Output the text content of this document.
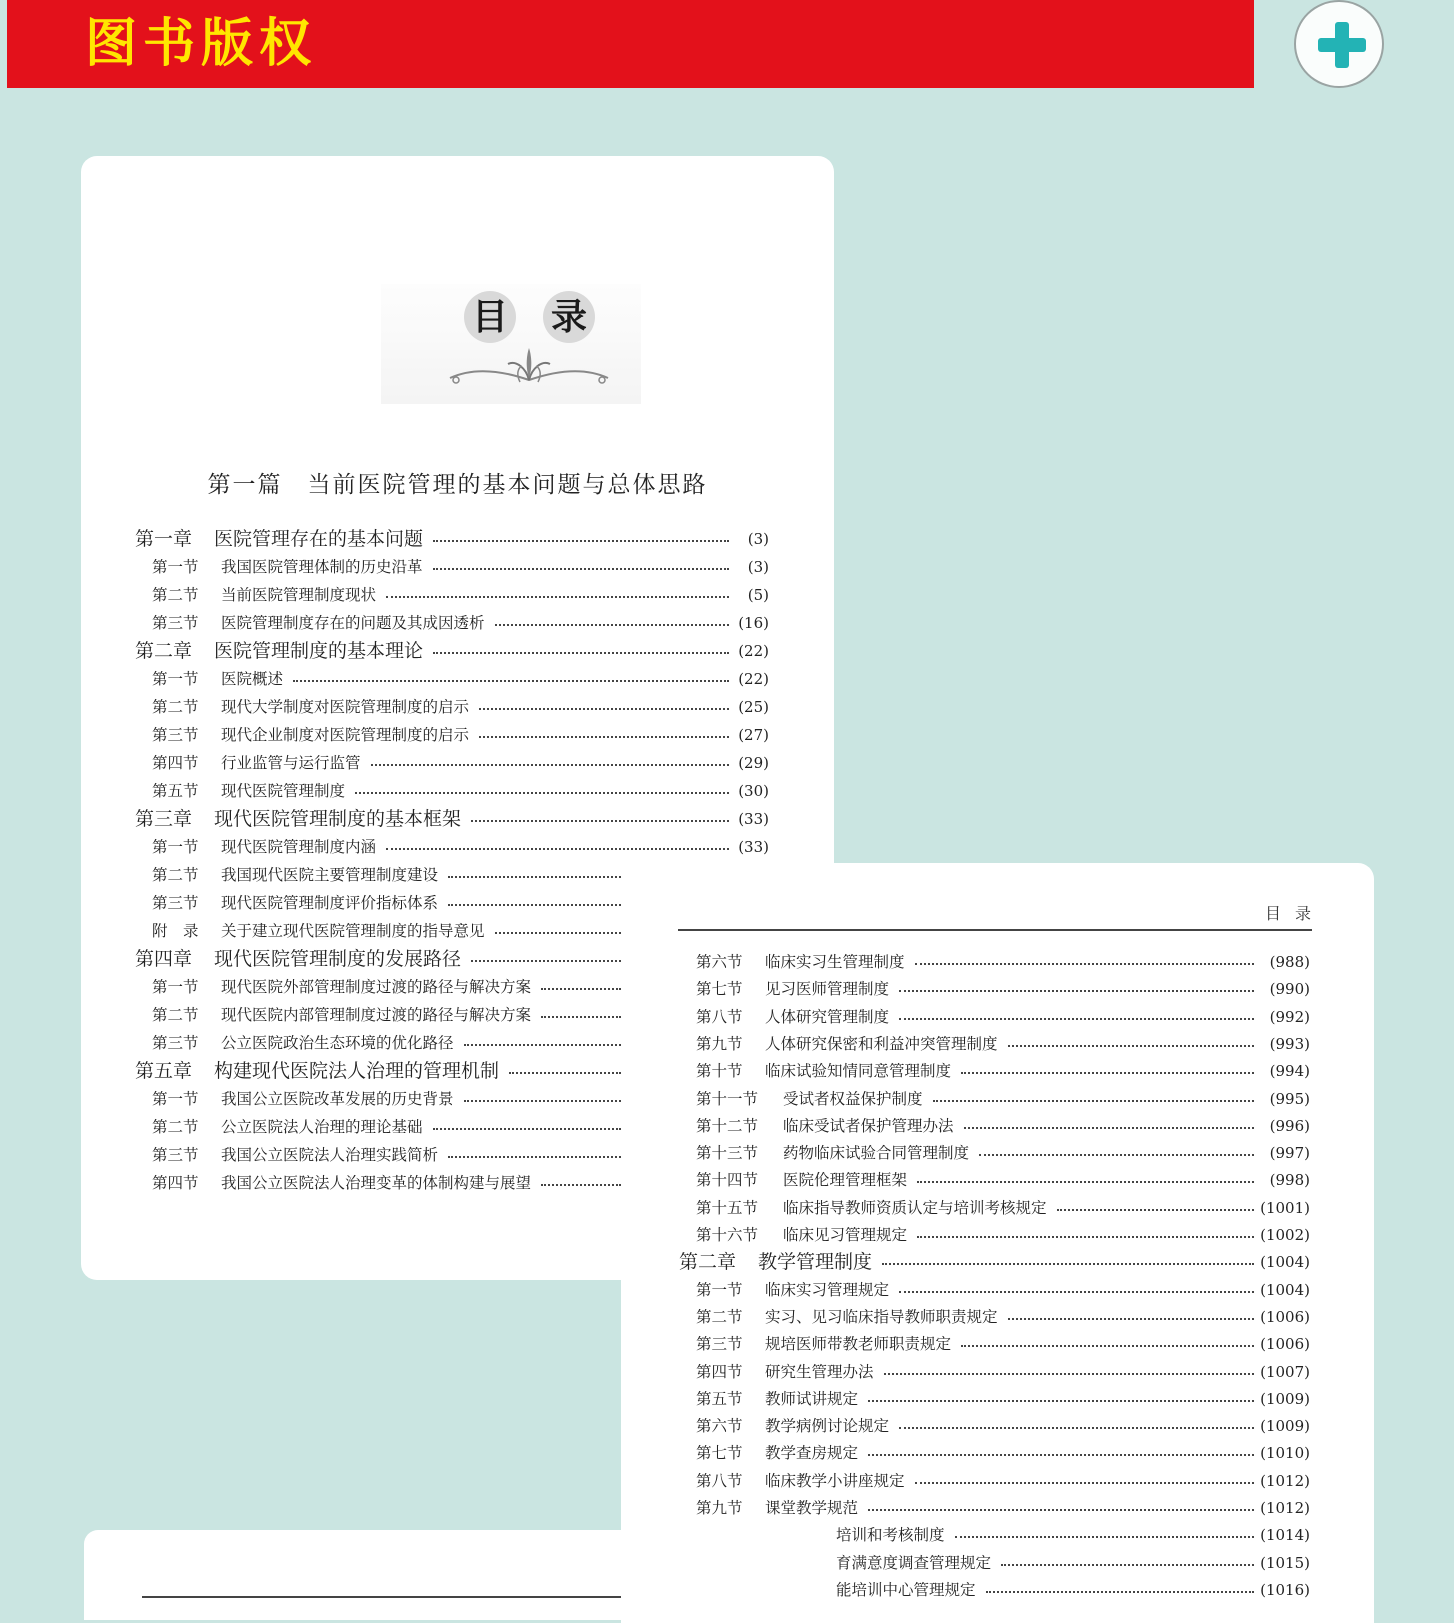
图书版权
目 录
第一篇　当前医院管理的基本问题与总体思路
第一章 医院管理存在的基本问题	(3)
第一节 我国医院管理体制的历史沿革	(3)
第二节 当前医院管理制度现状	(5)
第三节 医院管理制度存在的问题及其成因透析	(16)
第二章 医院管理制度的基本理论	(22)
第一节 医院概述	(22)
第二节 现代大学制度对医院管理制度的启示	(25)
第三节 现代企业制度对医院管理制度的启示	(27)
第四节 行业监管与运行监管	(29)
第五节 现代医院管理制度	(30)
第三章 现代医院管理制度的基本框架	(33)
第一节 现代医院管理制度内涵	(33)
第二节 我国现代医院主要管理制度建设
第三节 现代医院管理制度评价指标体系
附　录 关于建立现代医院管理制度的指导意见
第四章 现代医院管理制度的发展路径
第一节 现代医院外部管理制度过渡的路径与解决方案
第二节 现代医院内部管理制度过渡的路径与解决方案
第三节 公立医院政治生态环境的优化路径
第五章 构建现代医院法人治理的管理机制
第一节 我国公立医院改革发展的历史背景
第二节 公立医院法人治理的理论基础
第三节 我国公立医院法人治理实践简析
第四节 我国公立医院法人治理变革的体制构建与展望
目录
第六节 临床实习生管理制度	(988)
第七节 见习医师管理制度	(990)
第八节 人体研究管理制度	(992)
第九节 人体研究保密和利益冲突管理制度	(993)
第十节 临床试验知情同意管理制度	(994)
第十一节 受试者权益保护制度	(995)
第十二节 临床受试者保护管理办法	(996)
第十三节 药物临床试验合同管理制度	(997)
第十四节 医院伦理管理框架	(998)
第十五节 临床指导教师资质认定与培训考核规定	(1001)
第十六节 临床见习管理规定	(1002)
第二章 教学管理制度	(1004)
第一节 临床实习管理规定	(1004)
第二节 实习、见习临床指导教师职责规定	(1006)
第三节 规培医师带教老师职责规定	(1006)
第四节 研究生管理办法	(1007)
第五节 教师试讲规定	(1009)
第六节 教学病例讨论规定	(1009)
第七节 教学查房规定	(1010)
第八节 临床教学小讲座规定	(1012)
第九节 课堂教学规范	(1012)
培训和考核制度	(1014)
育满意度调查管理规定	(1015)
能培训中心管理规定	(1016)
